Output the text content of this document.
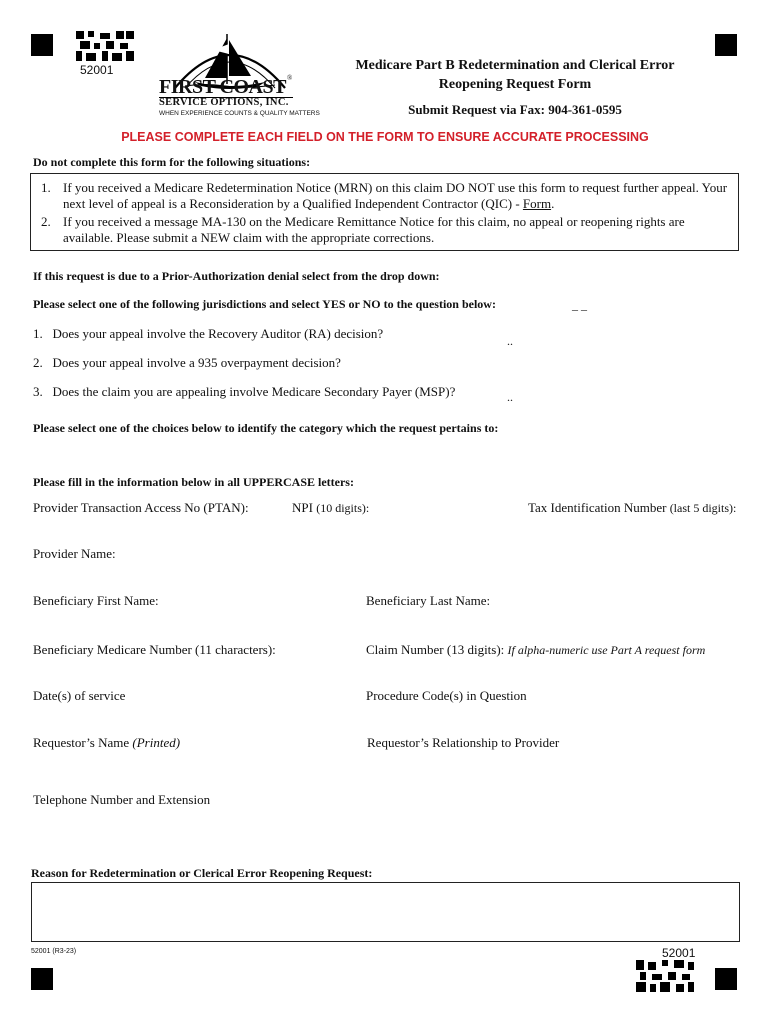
52001
FIRST COAST ®
SERVICE OPTIONS, INC.
WHEN EXPERIENCE COUNTS & QUALITY MATTERS
Medicare Part B Redetermination and Clerical Error
Reopening Request Form
Submit Request via Fax: 904-361-0595
PLEASE COMPLETE EACH FIELD ON THE FORM TO ENSURE ACCURATE PROCESSING
Do not complete this form for the following situations:
1. If you received a Medicare Redetermination Notice (MRN) on this claim DO NOT use this form to request further appeal. Your next level of appeal is a Reconsideration by a Qualified Independent Contractor (QIC) - Form.
2. If you received a message MA-130 on the Medicare Remittance Notice for this claim, no appeal or reopening rights are available. Please submit a NEW claim with the appropriate corrections.
If this request is due to a Prior-Authorization denial select from the drop down:
Please select one of the following jurisdictions and select YES or NO to the question below:	_ _
1. Does your appeal involve the Recovery Auditor (RA) decision?	..
2. Does your appeal involve a 935 overpayment decision?
3. Does the claim you are appealing involve Medicare Secondary Payer (MSP)?	..
Please select one of the choices below to identify the category which the request pertains to:
Please fill in the information below in all UPPERCASE letters:
Provider Transaction Access No (PTAN):	NPI (10 digits):	Tax Identification Number (last 5 digits):
Provider Name:
Beneficiary First Name:	Beneficiary Last Name:
Beneficiary Medicare Number (11 characters):	Claim Number (13 digits): If alpha-numeric use Part A request form
Date(s) of service	Procedure Code(s) in Question
Requestor’s Name (Printed)	Requestor’s Relationship to Provider
Telephone Number and Extension
Reason for Redetermination or Clerical Error Reopening Request:
52001 (R3-23)	52001
